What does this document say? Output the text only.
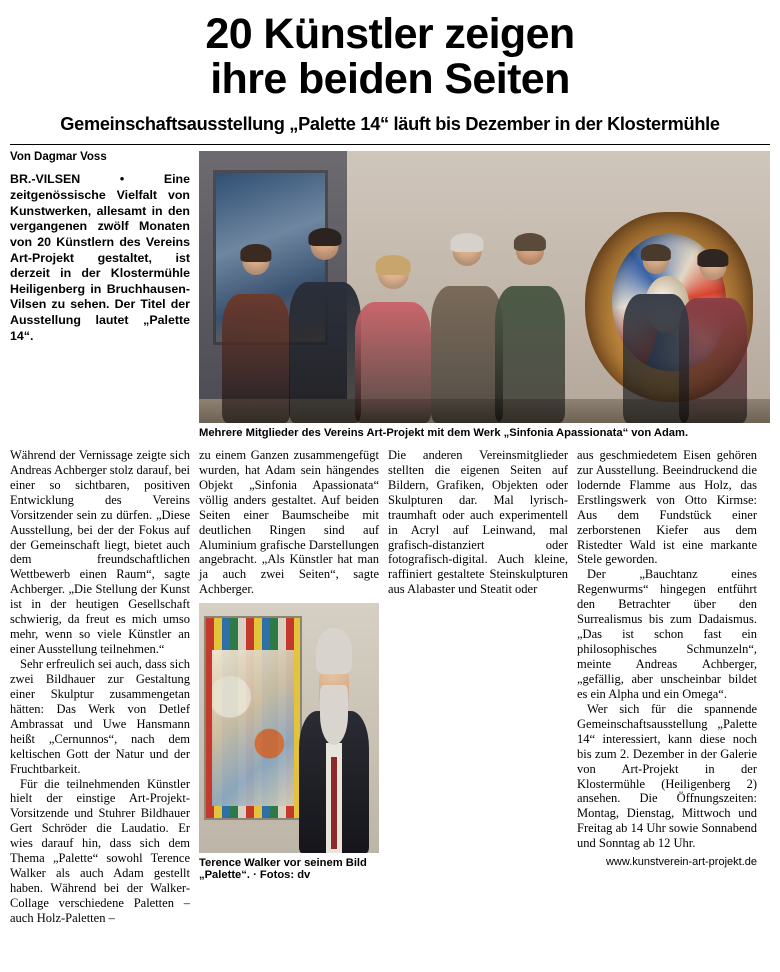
20 Künstler zeigen
ihre beiden Seiten
Gemeinschaftsausstellung „Palette 14“ läuft bis Dezember in der Klostermühle
Von Dagmar Voss

BR.-VILSEN • Eine zeitgenössische Vielfalt von Kunstwerken, allesamt in den vergangenen zwölf Monaten von 20 Künstlern des Vereins Art-Projekt gestaltet, ist derzeit in der Klostermühle Heiligenberg in Bruchhausen-Vilsen zu sehen. Der Titel der Ausstellung lautet „Palette 14“.

Mehrere Mitglieder des Vereins Art-Projekt mit dem Werk „Sinfonia Apassionata“ von Adam.

Während der Vernissage zeigte sich Andreas Achberger stolz darauf, bei einer so sichtbaren, positiven Entwicklung des Vereins Vorsitzender sein zu dürfen. „Diese Ausstellung, bei der der Fokus auf der Gemeinschaft liegt, bietet auch dem freundschaftlichen Wettbewerb einen Raum“, sagte Achberger. „Die Stellung der Kunst ist in der heutigen Gesellschaft schwierig, da freut es mich umso mehr, wenn so viele Künstler an einer Ausstellung teilnehmen.“

Sehr erfreulich sei auch, dass sich zwei Bildhauer zur Gestaltung einer Skulptur zusammengetan hätten: Das Werk von Detlef Ambrassat und Uwe Hansmann heißt „Cernunnos“, nach dem keltischen Gott der Natur und der Fruchtbarkeit.

Für die teilnehmenden Künstler hielt der einstige Art-Projekt-Vorsitzende und Stuhrer Bildhauer Gert Schröder die Laudatio. Er wies darauf hin, dass sich dem Thema „Palette“ sowohl Terence Walker als auch Adam gestellt haben. Während bei der Walker-Collage verschiedene Paletten – auch Holz-Paletten –

zu einem Ganzen zusammengefügt wurden, hat Adam sein hängendes Objekt „Sinfonia Apassionata“ völlig anders gestaltet. Auf beiden Seiten einer Baumscheibe mit deutlichen Ringen sind auf Aluminium grafische Darstellungen angebracht. „Als Künstler hat man ja auch zwei Seiten“, sagte Achberger.

Terence Walker vor seinem Bild „Palette“. · Fotos: dv

Die anderen Vereinsmitglieder stellten die eigenen Seiten auf Bildern, Grafiken, Objekten oder Skulpturen dar. Mal lyrisch-traumhaft oder auch experimentell in Acryl auf Leinwand, mal grafisch-distanziert oder fotografisch-digital. Auch kleine, raffiniert gestaltete Steinskulpturen aus Alabaster und Steatit oder

aus geschmiedetem Eisen gehören zur Ausstellung. Beeindruckend die lodernde Flamme aus Holz, das Erstlingswerk von Otto Kirmse: Aus dem Fundstück einer zerborstenen Kiefer aus dem Ristedter Wald ist eine markante Stele geworden.

Der „Bauchtanz eines Regenwurms“ hingegen entführt den Betrachter über den Surrealismus bis zum Dadaismus. „Das ist schon fast ein philosophisches Schmunzeln“, meinte Andreas Achberger, „gefällig, aber unscheinbar bildet es ein Alpha und ein Omega“.

Wer sich für die spannende Gemeinschaftsausstellung „Palette 14“ interessiert, kann diese noch bis zum 2. Dezember in der Galerie von Art-Projekt in der Klostermühle (Heiligenberg 2) ansehen. Die Öffnungszeiten: Montag, Dienstag, Mittwoch und Freitag ab 14 Uhr sowie Sonnabend und Sonntag ab 12 Uhr.

www.kunstverein-art-projekt.de
